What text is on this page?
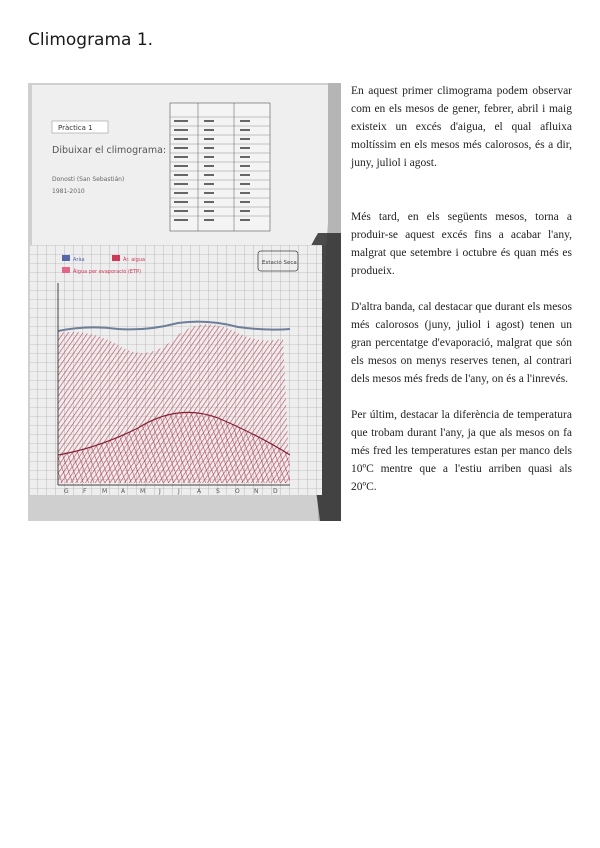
Climograma 1.
Pràctica 1
Dibuixar el climograma:
Donosti (San Sebastián)
1981-2010
Aràa	Àr. aigua
Àigua per evaporació (ETP)
Estació Seca
G F	M A M J	J	A S	O N D

En aquest primer climograma podem observar com en els mesos de gener, febrer, abril i maig existeix un excés d'aigua, el qual afluixa moltíssim en els mesos més calorosos, és a dir, juny, juliol i agost.

Més tard, en els següents mesos, torna a produir-se aquest excés fins a acabar l'any, malgrat que setembre i octubre és quan més es produeix.

D'altra banda, cal destacar que durant els mesos més calorosos (juny, juliol i agost) tenen un gran percentatge d'evaporació, malgrat que són els mesos on menys reserves tenen, al contrari dels mesos més freds de l'any, on és a l'inrevés.

Per últim, destacar la diferència de temperatura que trobam durant l'any, ja que als mesos on fa més fred les temperatures estan per manco dels 10ºC mentre que a l'estiu arriben quasi als 20ºC.
